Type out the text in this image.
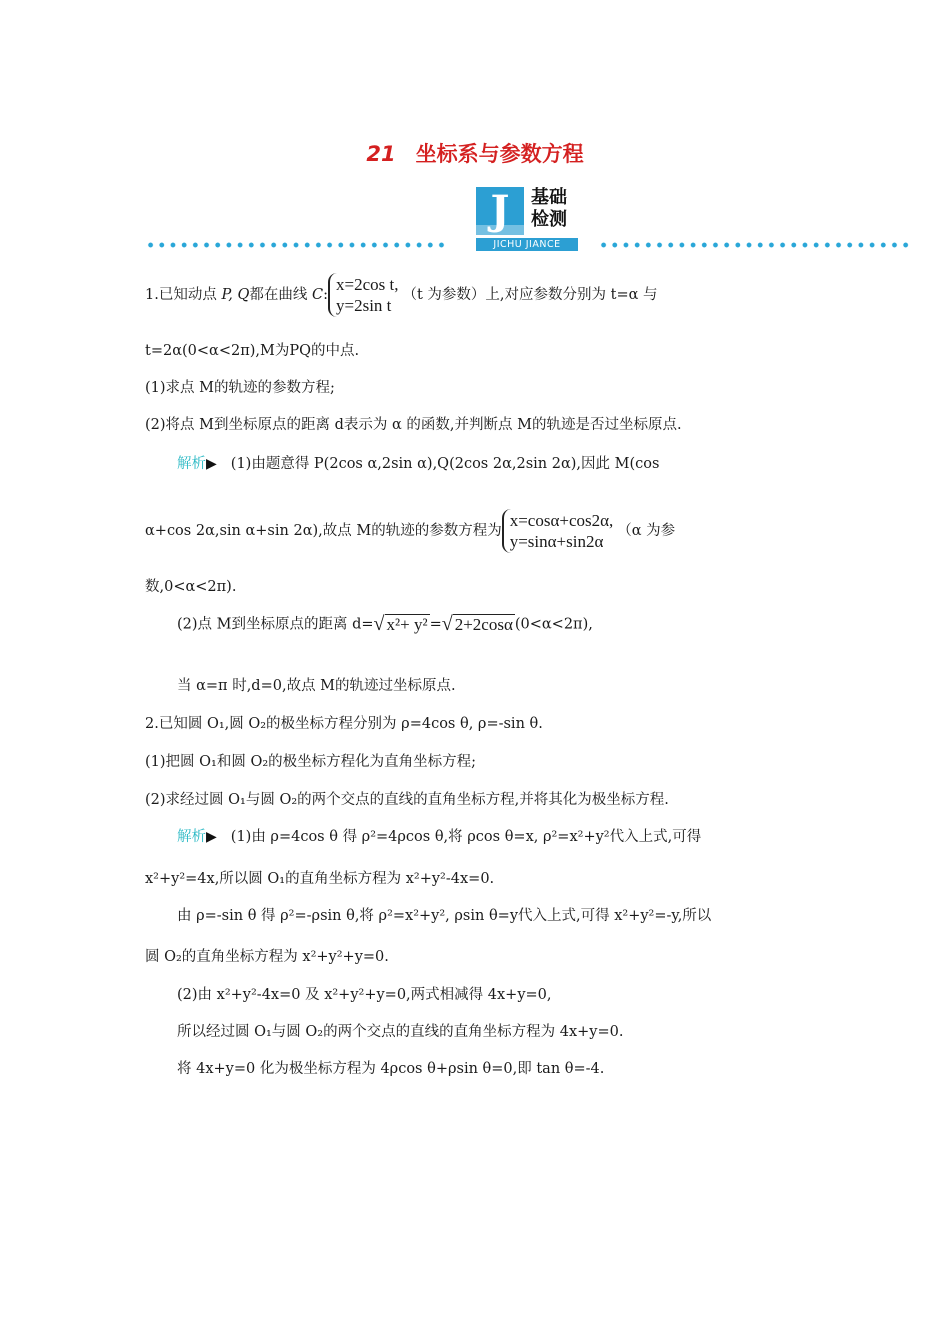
21 坐标系与参数方程
J	基础
检测
JICHU JIANCE
1.已知动点 P, Q都在曲线 C:
x=2cos t,
y=2sin t
（t 为参数）上,对应参数分别为 t=α 与
t=2α(0<α<2π),M为PQ的中点.
(1)求点 M的轨迹的参数方程;
(2)将点 M到坐标原点的距离 d表示为 α 的函数,并判断点 M的轨迹是否过坐标原点.
解析▶ (1)由题意得 P(2cos α,2sin α),Q(2cos 2α,2sin 2α),因此 M(cos
α+cos 2α,sin α+sin 2α),故点 M的轨迹的参数方程为
x=cosα+cos2α,
y=sinα+sin2α
（α 为参
数,0<α<2π).
(2)点 M到坐标原点的距离 d=√ x²+ y² =√ 2+2cosα (0<α<2π),
当 α=π 时,d=0,故点 M的轨迹过坐标原点.
2.已知圆 O₁,圆 O₂的极坐标方程分别为 ρ=4cos θ, ρ=-sin θ.
(1)把圆 O₁和圆 O₂的极坐标方程化为直角坐标方程;
(2)求经过圆 O₁与圆 O₂的两个交点的直线的直角坐标方程,并将其化为极坐标方程.
解析▶ (1)由 ρ=4cos θ 得 ρ²=4ρcos θ,将 ρcos θ=x, ρ²=x²+y²代入上式,可得
x²+y²=4x,所以圆 O₁的直角坐标方程为 x²+y²-4x=0.
由 ρ=-sin θ 得 ρ²=-ρsin θ,将 ρ²=x²+y², ρsin θ=y代入上式,可得 x²+y²=-y,所以
圆 O₂的直角坐标方程为 x²+y²+y=0.
(2)由 x²+y²-4x=0 及 x²+y²+y=0,两式相减得 4x+y=0,
所以经过圆 O₁与圆 O₂的两个交点的直线的直角坐标方程为 4x+y=0.
将 4x+y=0 化为极坐标方程为 4ρcos θ+ρsin θ=0,即 tan θ=-4.
